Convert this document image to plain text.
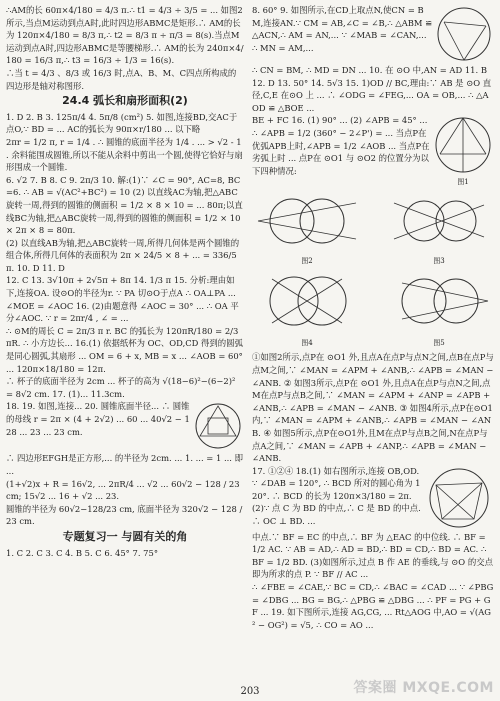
∴AM的长 60π×4/180 = 4/3 π.∴ t1 = 4/3 ÷ 3/5 = ... 如图2所示,当点M运动到点A时,此时四边形ABMC是矩形.∴ AM的长为 120π×4/180 = 8/3 π,∴ t2 = 8/3 π ÷ π/3 = 8(s).当点M运动到点A时,四边形ABMC是等腰梯形.∴ AM的长为 240π×4/180 = 16/3 π,∴ t3 = 16/3 ÷ 1/3 = 16(s).

∴当 t = 4/3 、8/3 或 16/3 时,点A、B、M、C四点所构成的四边形是轴对称图形.

24.4 弧长和扇形面积(2)

1. D 2. B 3. 125π/4 4. 5π/8 (cm²) 5. 如图,连接BD,交AC于点O,∵ BD = ... AC的弧长为 90π×r/180 ... 以下略

2πr = 1/2 π, r = 1/4 . ∴ 圆锥的底面半径为 1/4 . ... > √2 - 1 . 余料能围成圆锥,所以不能从余料中剪出一个圆,使得它恰好与扇形围成一个圆锥.

6. √2 7. B 8. C 9. 2π/3 10. 解:(1)∵ ∠C = 90°, AC=8, BC=6. ∴ AB = √(AC²+BC²) = 10 (2) 以直线AC为轴,把△ABC旋转一周,得到的圆锥的侧面积 = 1/2 × 8 × 10 = ... 80π;以直线BC为轴,把△ABC旋转一周,得到的圆锥的侧面积 = 1/2 × 10 × 2π × 8 = 80π.

(2) 以直线AB为轴,把△ABC旋转一周,所得几何体是两个圆锥的组合体,所得几何体的表面积为 2π × 24/5 × 8 + ... = 336/5 π. 10. D 11. D

12. C 13. 3√10π + 2√5π + 8π 14. 1/3 π 15. 分析:理由如下,连接OA. 设⊙O的半径为r. ∵ PA 切⊙O于点A ∴ OA⊥PA ... ∠MOE = ∠AOC 16. (2)由题意得 ∠AOC = 30° ... ∴ OA 平分∠AOC. ∵ r = 2πr/4 , ∠ = ...

∴ ⊙M的周长 C = 2π/3 π r. BC 的弧长为 120πR/180 = 2/3 πR. ∴ 小方边长... 16.(1) 依据纸杯为 OC、OD,CD 得到的圆弧是同心圆弧,其扇形 ... OM = 6 + x, MB = x ... ∠AOB = 60° ... 120π×18/180 = 12π.

∴ 杯子的底面半径为 2cm ... 杯子的高为 √(18−6)²−(6−2)² = 8√2 cm. 17. (1)... 11.3cm.

18. 19. 如图,连接... 20. 圆锥底面半径... ∴ 圆锥的母线 r = 2π × (4 + 2√2) ... 60 ... 40√2 − 128 ... 23 ... 23 cm.

∴ 四边形EFGH是正方形,... 的半径为 2cm. ... 1. ... = 1 ... 即 ...

(1+√2)x + R = 16√2, ... 2πR/4 ... √2 ... 60√2 − 128 / 23 cm; 15√2 ... 16 + √2 ... 23.

圆锥的半径为 60√2−128/23 cm, 底面半径为 320√2 − 128 / 23 cm.

专题复习一 与圆有关的角

1. C 2. C 3. C 4. B 5. C 6. 45° 7. 75°

8. 60° 9. 如图所示,在CD上取点N,使CN = BM,连接AN.∵ CM = AB,∠C = ∠B,∴ △ABM ≌ △ACN,∴ AM = AN,... ∵ ∠MAB = ∠CAN,... ∴ MN = AM,...

∴ CN = BM, ∴ MD = DN ... 10. 在 ⊙O 中,AN = AD 11. B 12. D 13. 50° 14. 5√3 15. 1)OD // BC,理由:∵ AB 是 ⊙O 直径,C,E 在⊙O 上 ... ∴ ∠ODG = ∠FEG,... OA = OB,... ∴ △AOD ≌ △BOE ...

BE + FC 16. (1) 90° ... (2) ∠APB = 45° ... ∴ ∠APB = 1/2 (360° − 2∠P') = ... 当点P在优弧APB上时,∠APB = 1/2 ∠AOB ... 当点P在劣弧上时 ... 点P在 ⊙O1 与 ⊙O2 的位置分为以下四种情况:

图1
图2	图3
图4	图5

①如图2所示,点P在 ⊙O1 外,且点A在点P与点N之间,点B在点P与点M之间,∵ ∠MAN = ∠APM + ∠ANB,∴ ∠APB = ∠MAN − ∠ANB. ② 如图3所示,点P在 ⊙O1 外,且点A在点P与点N之间,点M在点P与点B之间,∵ ∠MAN = ∠APM + ∠ANP = ∠APB + ∠ANB,∴ ∠APB = ∠MAN − ∠ANB. ③ 如图4所示,点P在⊙O1内,∵ ∠MAN = ∠APM + ∠ANB,∴ ∠APB = ∠MAN − ∠ANB. ④ 如图5所示,点P在⊙O1外,且M在点P与点B之间,N在点P与点A之间,∵ ∠MAN = ∠APB + ∠ANP,∴ ∠APB = ∠MAN − ∠ANB.

17. ①②④ 18.(1) 如右图所示,连接 OB,OD. ∵ ∠DAB = 120°, ∴ BCD 所对的圆心角为 120°. ∴ BCD 的长为 120π×3/180 = 2π. (2)∵ 点 C 为 BD 的中点,∴ C 是 BD 的中点. ∴ OC ⊥ BD. ...

中点.∵ BF = EC 的中点,∴ BF 为 △EAC 的中位线. ∴ BF = 1/2 AC. ∵ AB = AD,∴ AD = BD,∴ BD = CD,∴ BD = AC. ∴ BF = 1/2 BD. (3)如图所示,过点 B 作 AE 的垂线,与 ⊙O 的交点即为所求的点 P. ∵ BF // AC ...

∴ ∠FBE = ∠CAE,∵ BC = CD,∴ ∠BAC = ∠CAD ... ∵ ∠PBG = ∠DBG ... BG = BG,∴ △PBG ≌ △DBG ... ∴ PF = PG + GF ... 19. 如下图所示,连接 AG,CG, ... Rt△AOG 中,AO = √(AG² − OG²) = √5, ∴ CO = AO ...

203	答案圈 MXQE.COM
